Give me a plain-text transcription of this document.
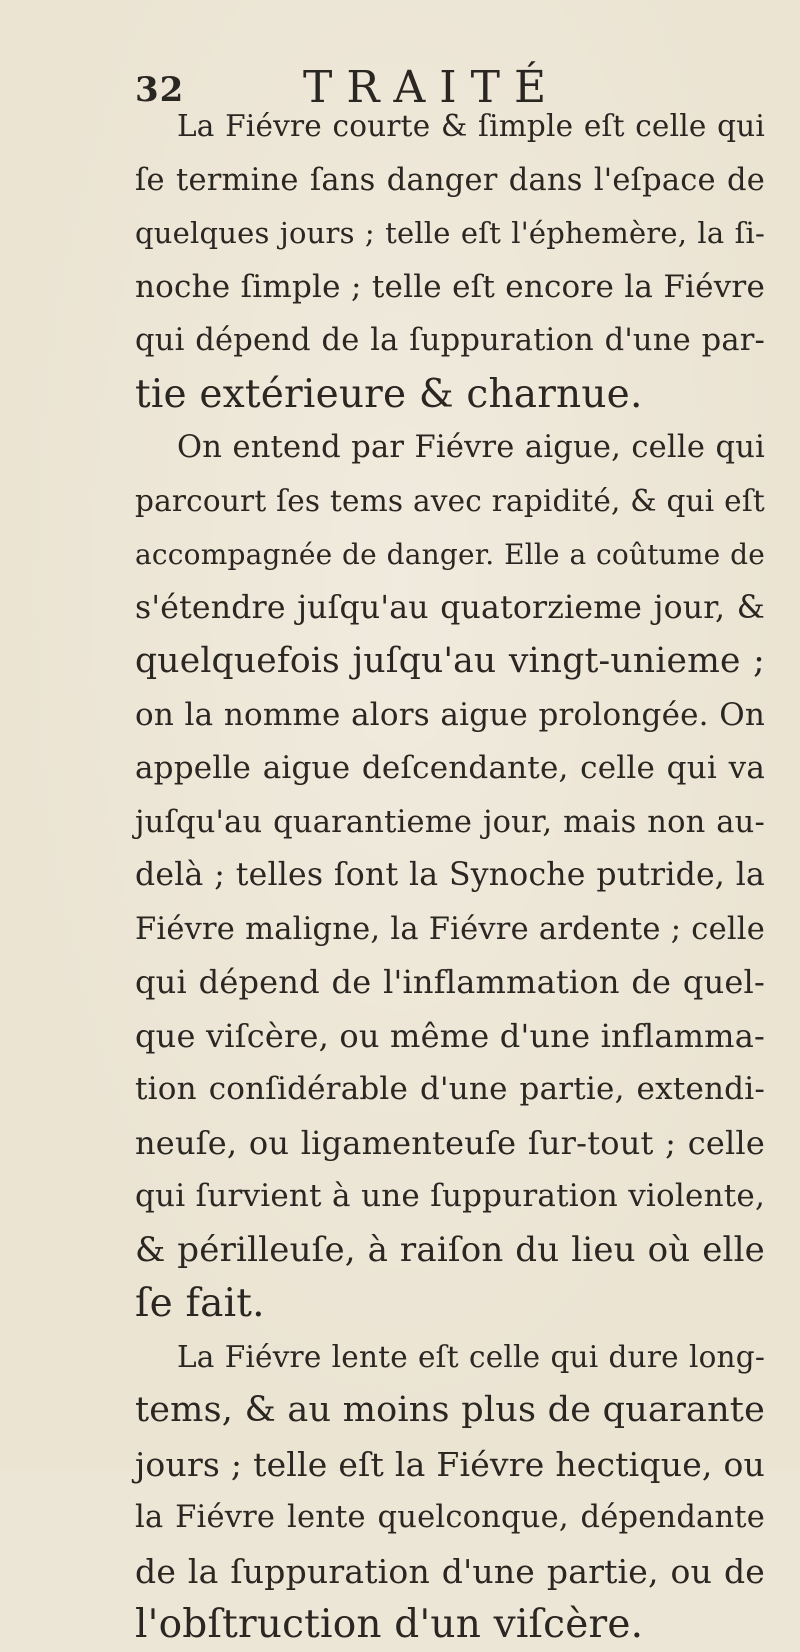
32	TRAITÉ
La Fiévre courte & ſimple eſt celle qui
ſe termine ſans danger dans l'eſpace de
quelques jours ; telle eſt l'éphemère, la ſi-
noche ſimple ; telle eſt encore la Fiévre
qui dépend de la ſuppuration d'une par-
tie extérieure & charnue.
On entend par Fiévre aigue, celle qui
parcourt ſes tems avec rapidité, & qui eſt
accompagnée de danger. Elle a coûtume de
s'étendre juſqu'au quatorzieme jour, &
quelquefois juſqu'au vingt-unieme ;
on la nomme alors aigue prolongée. On
appelle aigue deſcendante, celle qui va
juſqu'au quarantieme jour, mais non au-
delà ; telles ſont la Synoche putride, la
Fiévre maligne, la Fiévre ardente ; celle
qui dépend de l'inflammation de quel-
que viſcère, ou même d'une inflamma-
tion conſidérable d'une partie, extendi-
neuſe, ou ligamenteuſe ſur-tout ; celle
qui ſurvient à une ſuppuration violente,
& périlleuſe, à raiſon du lieu où elle
ſe fait.
La Fiévre lente eſt celle qui dure long-
tems, & au moins plus de quarante
jours ; telle eſt la Fiévre hectique, ou
la Fiévre lente quelconque, dépendante
de la ſuppuration d'une partie, ou de
l'obſtruction d'un viſcère.
